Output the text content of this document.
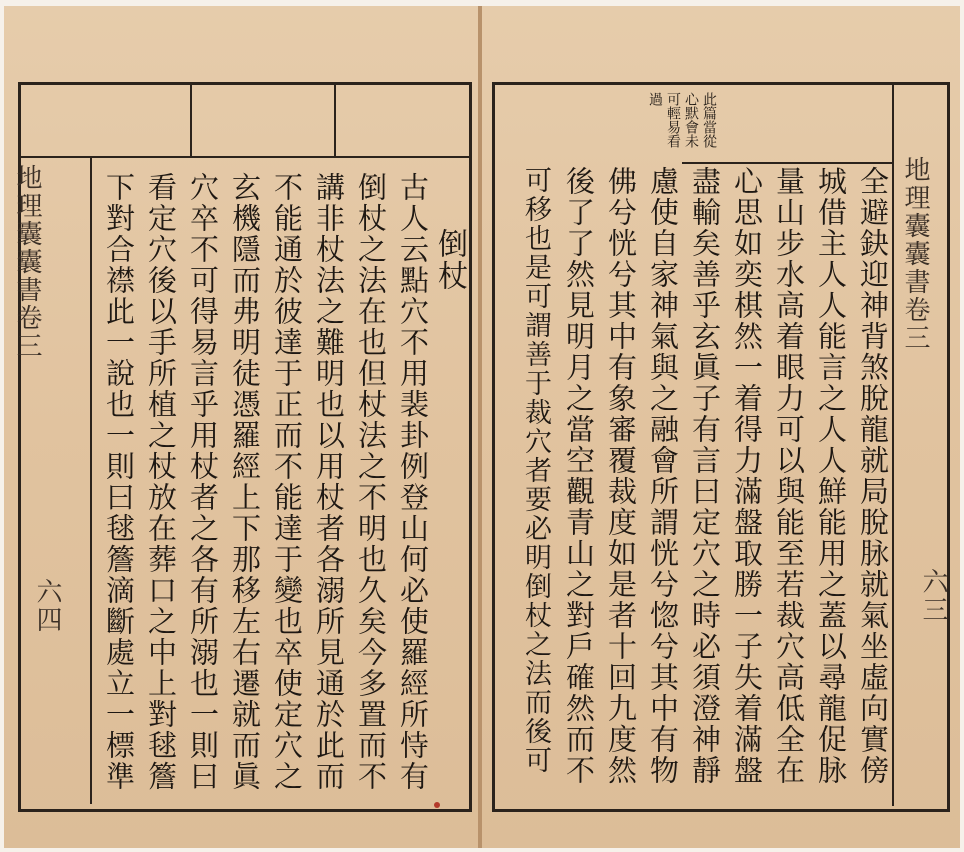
地理囊囊書卷三
六四
倒杖
古人云點穴不用裴卦例登山何必使羅經所恃有
倒杖之法在也但杖法之不明也久矣今多置而不
講非杖法之難明也以用杖者各溺所見通於此而
不能通於彼達于正而不能達于變也卒使定穴之
玄機隱而弗明徒憑羅經上下那移左右遷就而眞
穴卒不可得易言乎用杖者之各有所溺也一則曰
看定穴後以手所植之杖放在葬口之中上對毬簷
下對合襟此一說也一則曰毬簷滴斷處立一標準	地理囊囊書卷三
六三
此篇當從
心默會未
可輕易看
過
全避鈌迎神背煞脫龍就局脫脉就氣坐虛向實傍
城借主人人能言之人人鮮能用之蓋以尋龍促脉
量山步水高着眼力可以與能至若裁穴高低全在
心思如奕棋然一着得力滿盤取勝一子失着滿盤
盡輸矣善乎玄眞子有言曰定穴之時必須澄神靜
慮使自家神氣與之融會所謂恍兮惚兮其中有物
佛兮恍兮其中有象審覆裁度如是者十回九度然
後了了然見明月之當空觀青山之對戶確然而不
可移也是可謂善于裁穴者要必明倒杖之法而後可
